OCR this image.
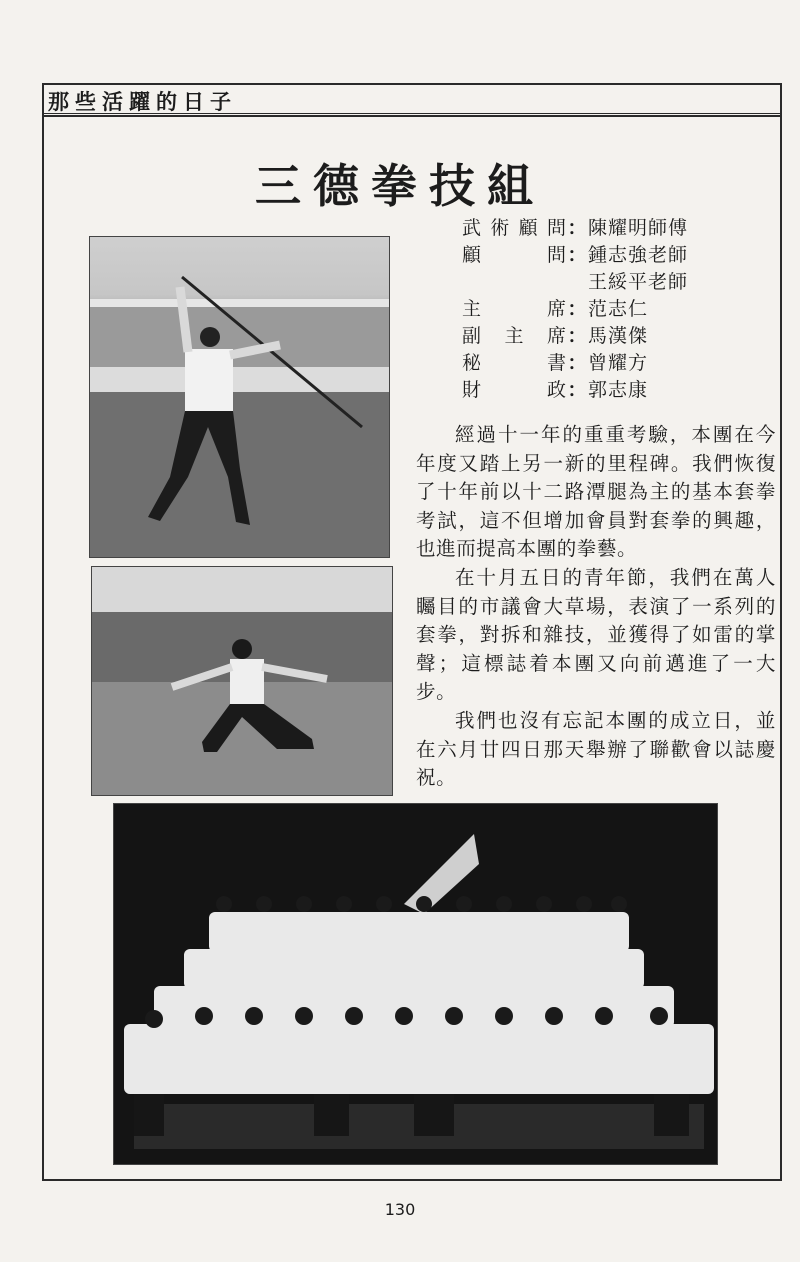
那些活躍的日子
三德拳技組
武 術 顧 問 ： 陳耀明師傅
顧	問 ： 鍾志強老師
王綏平老師
主	席 ： 范志仁
副 主 席 ： 馬漢傑
秘	書 ： 曾耀方
財	政 ： 郭志康

經過十一年的重重考驗，本團在今年度又踏上另一新的里程碑。我們恢復了十年前以十二路潭腿為主的基本套拳考試，這不但增加會員對套拳的興趣，也進而提高本團的拳藝。

在十月五日的青年節，我們在萬人矚目的市議會大草場，表演了一系列的套拳，對拆和雜技，並獲得了如雷的掌聲；這標誌着本團又向前邁進了一大步。

我們也沒有忘記本團的成立日，並在六月廿四日那天舉辦了聯歡會以誌慶祝。

130
